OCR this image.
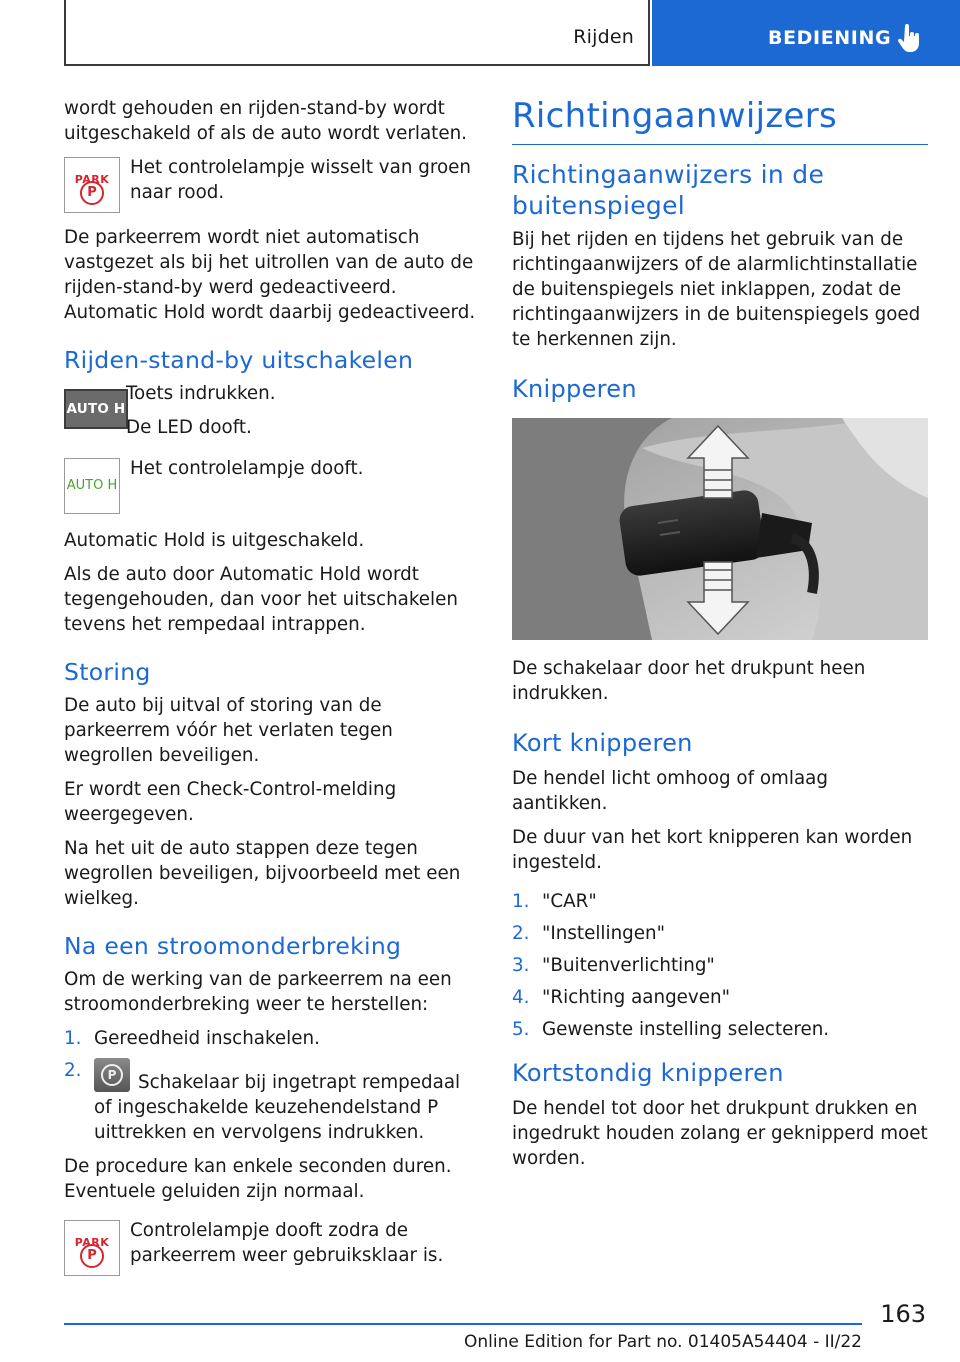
Rijden	BEDIENING
wordt gehouden en rijden-stand-by wordt uitgeschakeld of als de auto wordt verlaten.
PARK
P
Het controlelampje wisselt van groen naar rood.
De parkeerrem wordt niet automatisch vastgezet als bij het uitrollen van de auto de rijden-stand-by werd gedeactiveerd. Automatic Hold wordt daarbij gedeactiveerd.
Rijden-stand-by uitschakelen
AUTO H
Toets indrukken.
De LED dooft.
AUTO H
Het controlelampje dooft.
Automatic Hold is uitgeschakeld.
Als de auto door Automatic Hold wordt tegengehouden, dan voor het uitschakelen tevens het rempedaal intrappen.
Storing
De auto bij uitval of storing van de parkeerrem vóór het verlaten tegen wegrollen beveiligen.
Er wordt een Check-Control-melding weergegeven.
Na het uit de auto stappen deze tegen wegrollen beveiligen, bijvoorbeeld met een wielkeg.
Na een stroomonderbreking
Om de werking van de parkeerrem na een stroomonderbreking weer te herstellen:
1. Gereedheid inschakelen.
2.	P	Schakelaar bij ingetrapt rempedaal of ingeschakelde keuzehendelstand P uittrekken en vervolgens indrukken.
De procedure kan enkele seconden duren. Eventuele geluiden zijn normaal.
PARK
P
Controlelampje dooft zodra de parkeerrem weer gebruiksklaar is.
Richtingaanwijzers
Richtingaanwijzers in de buitenspiegel
Bij het rijden en tijdens het gebruik van de richtingaanwijzers of de alarmlichtinstallatie de buitenspiegels niet inklappen, zodat de richtingaanwijzers in de buitenspiegels goed te herkennen zijn.
Knipperen
De schakelaar door het drukpunt heen indrukken.
Kort knipperen
De hendel licht omhoog of omlaag aantikken.
De duur van het kort knipperen kan worden ingesteld.
1. "CAR"
2. "Instellingen"
3. "Buitenverlichting"
4. "Richting aangeven"
5. Gewenste instelling selecteren.
Kortstondig knipperen
De hendel tot door het drukpunt drukken en ingedrukt houden zolang er geknipperd moet worden.
163
Online Edition for Part no. 01405A54404 - II/22
